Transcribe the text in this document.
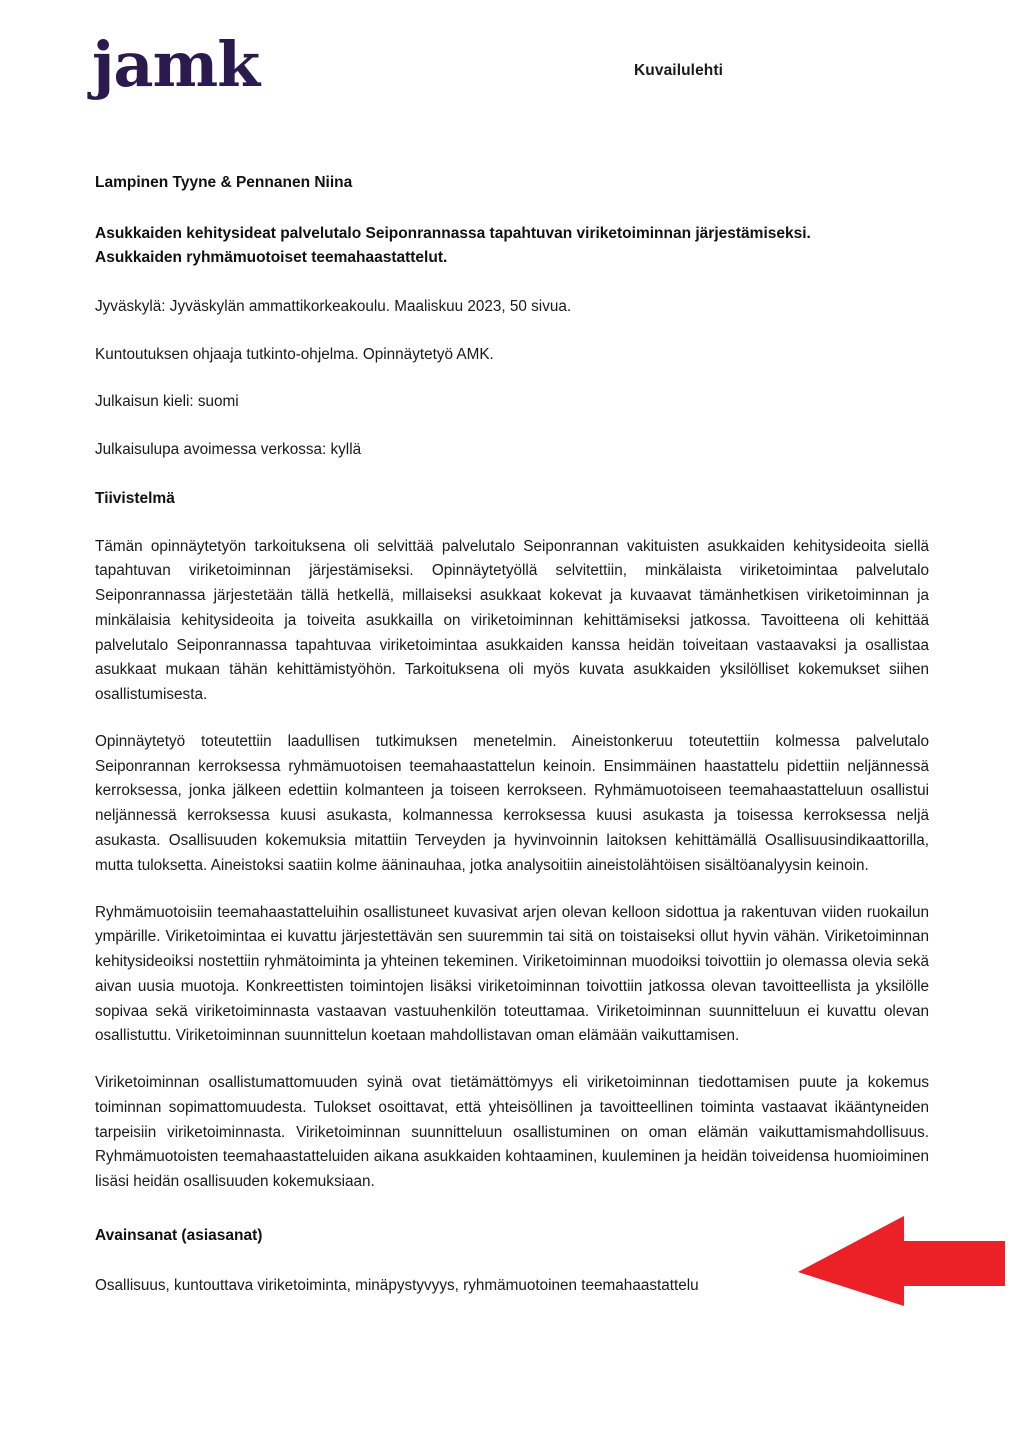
jamk	Kuvailulehti

Lampinen Tyyne & Pennanen Niina

Asukkaiden kehitysideat palvelutalo Seiponrannassa tapahtuvan viriketoiminnan järjestämiseksi.
Asukkaiden ryhmämuotoiset teemahaastattelut.

Jyväskylä: Jyväskylän ammattikorkeakoulu. Maaliskuu 2023, 50 sivua.

Kuntoutuksen ohjaaja tutkinto-ohjelma. Opinnäytetyö AMK.

Julkaisun kieli: suomi

Julkaisulupa avoimessa verkossa: kyllä

Tiivistelmä

Tämän opinnäytetyön tarkoituksena oli selvittää palvelutalo Seiponrannan vakituisten asukkaiden kehitysideoita siellä tapahtuvan viriketoiminnan järjestämiseksi. Opinnäytetyöllä selvitettiin, minkälaista viriketoimintaa palvelutalo Seiponrannassa järjestetään tällä hetkellä, millaiseksi asukkaat kokevat ja kuvaavat tämänhetkisen viriketoiminnan ja minkälaisia kehitysideoita ja toiveita asukkailla on viriketoiminnan kehittämiseksi jatkossa. Tavoitteena oli kehittää palvelutalo Seiponrannassa tapahtuvaa viriketoimintaa asukkaiden kanssa heidän toiveitaan vastaavaksi ja osallistaa asukkaat mukaan tähän kehittämistyöhön. Tarkoituksena oli myös kuvata asukkaiden yksilölliset kokemukset siihen osallistumisesta.

Opinnäytetyö toteutettiin laadullisen tutkimuksen menetelmin. Aineistonkeruu toteutettiin kolmessa palvelutalo Seiponrannan kerroksessa ryhmämuotoisen teemahaastattelun keinoin. Ensimmäinen haastattelu pidettiin neljännessä kerroksessa, jonka jälkeen edettiin kolmanteen ja toiseen kerrokseen. Ryhmämuotoiseen teemahaastatteluun osallistui neljännessä kerroksessa kuusi asukasta, kolmannessa kerroksessa kuusi asukasta ja toisessa kerroksessa neljä asukasta. Osallisuuden kokemuksia mitattiin Terveyden ja hyvinvoinnin laitoksen kehittämällä Osallisuusindikaattorilla, mutta tuloksetta. Aineistoksi saatiin kolme ääninauhaa, jotka analysoitiin aineistolähtöisen sisältöanalyysin keinoin.

Ryhmämuotoisiin teemahaastatteluihin osallistuneet kuvasivat arjen olevan kelloon sidottua ja rakentuvan viiden ruokailun ympärille. Viriketoimintaa ei kuvattu järjestettävän sen suuremmin tai sitä on toistaiseksi ollut hyvin vähän. Viriketoiminnan kehitysideoiksi nostettiin ryhmätoiminta ja yhteinen tekeminen. Viriketoiminnan muodoiksi toivottiin jo olemassa olevia sekä aivan uusia muotoja. Konkreettisten toimintojen lisäksi viriketoiminnan toivottiin jatkossa olevan tavoitteellista ja yksilölle sopivaa sekä viriketoiminnasta vastaavan vastuuhenkilön toteuttamaa. Viriketoiminnan suunnitteluun ei kuvattu olevan osallistuttu. Viriketoiminnan suunnittelun koetaan mahdollistavan oman elämään vaikuttamisen.

Viriketoiminnan osallistumattomuuden syinä ovat tietämättömyys eli viriketoiminnan tiedottamisen puute ja kokemus toiminnan sopimattomuudesta. Tulokset osoittavat, että yhteisöllinen ja tavoitteellinen toiminta vastaavat ikääntyneiden tarpeisiin viriketoiminnasta. Viriketoiminnan suunnitteluun osallistuminen on oman elämän vaikuttamismahdollisuus. Ryhmämuotoisten teemahaastatteluiden aikana asukkaiden kohtaaminen, kuuleminen ja heidän toiveidensa huomioiminen lisäsi heidän osallisuuden kokemuksiaan.

Avainsanat (asiasanat)

Osallisuus, kuntouttava viriketoiminta, minäpystyvyys, ryhmämuotoinen teemahaastattelu
